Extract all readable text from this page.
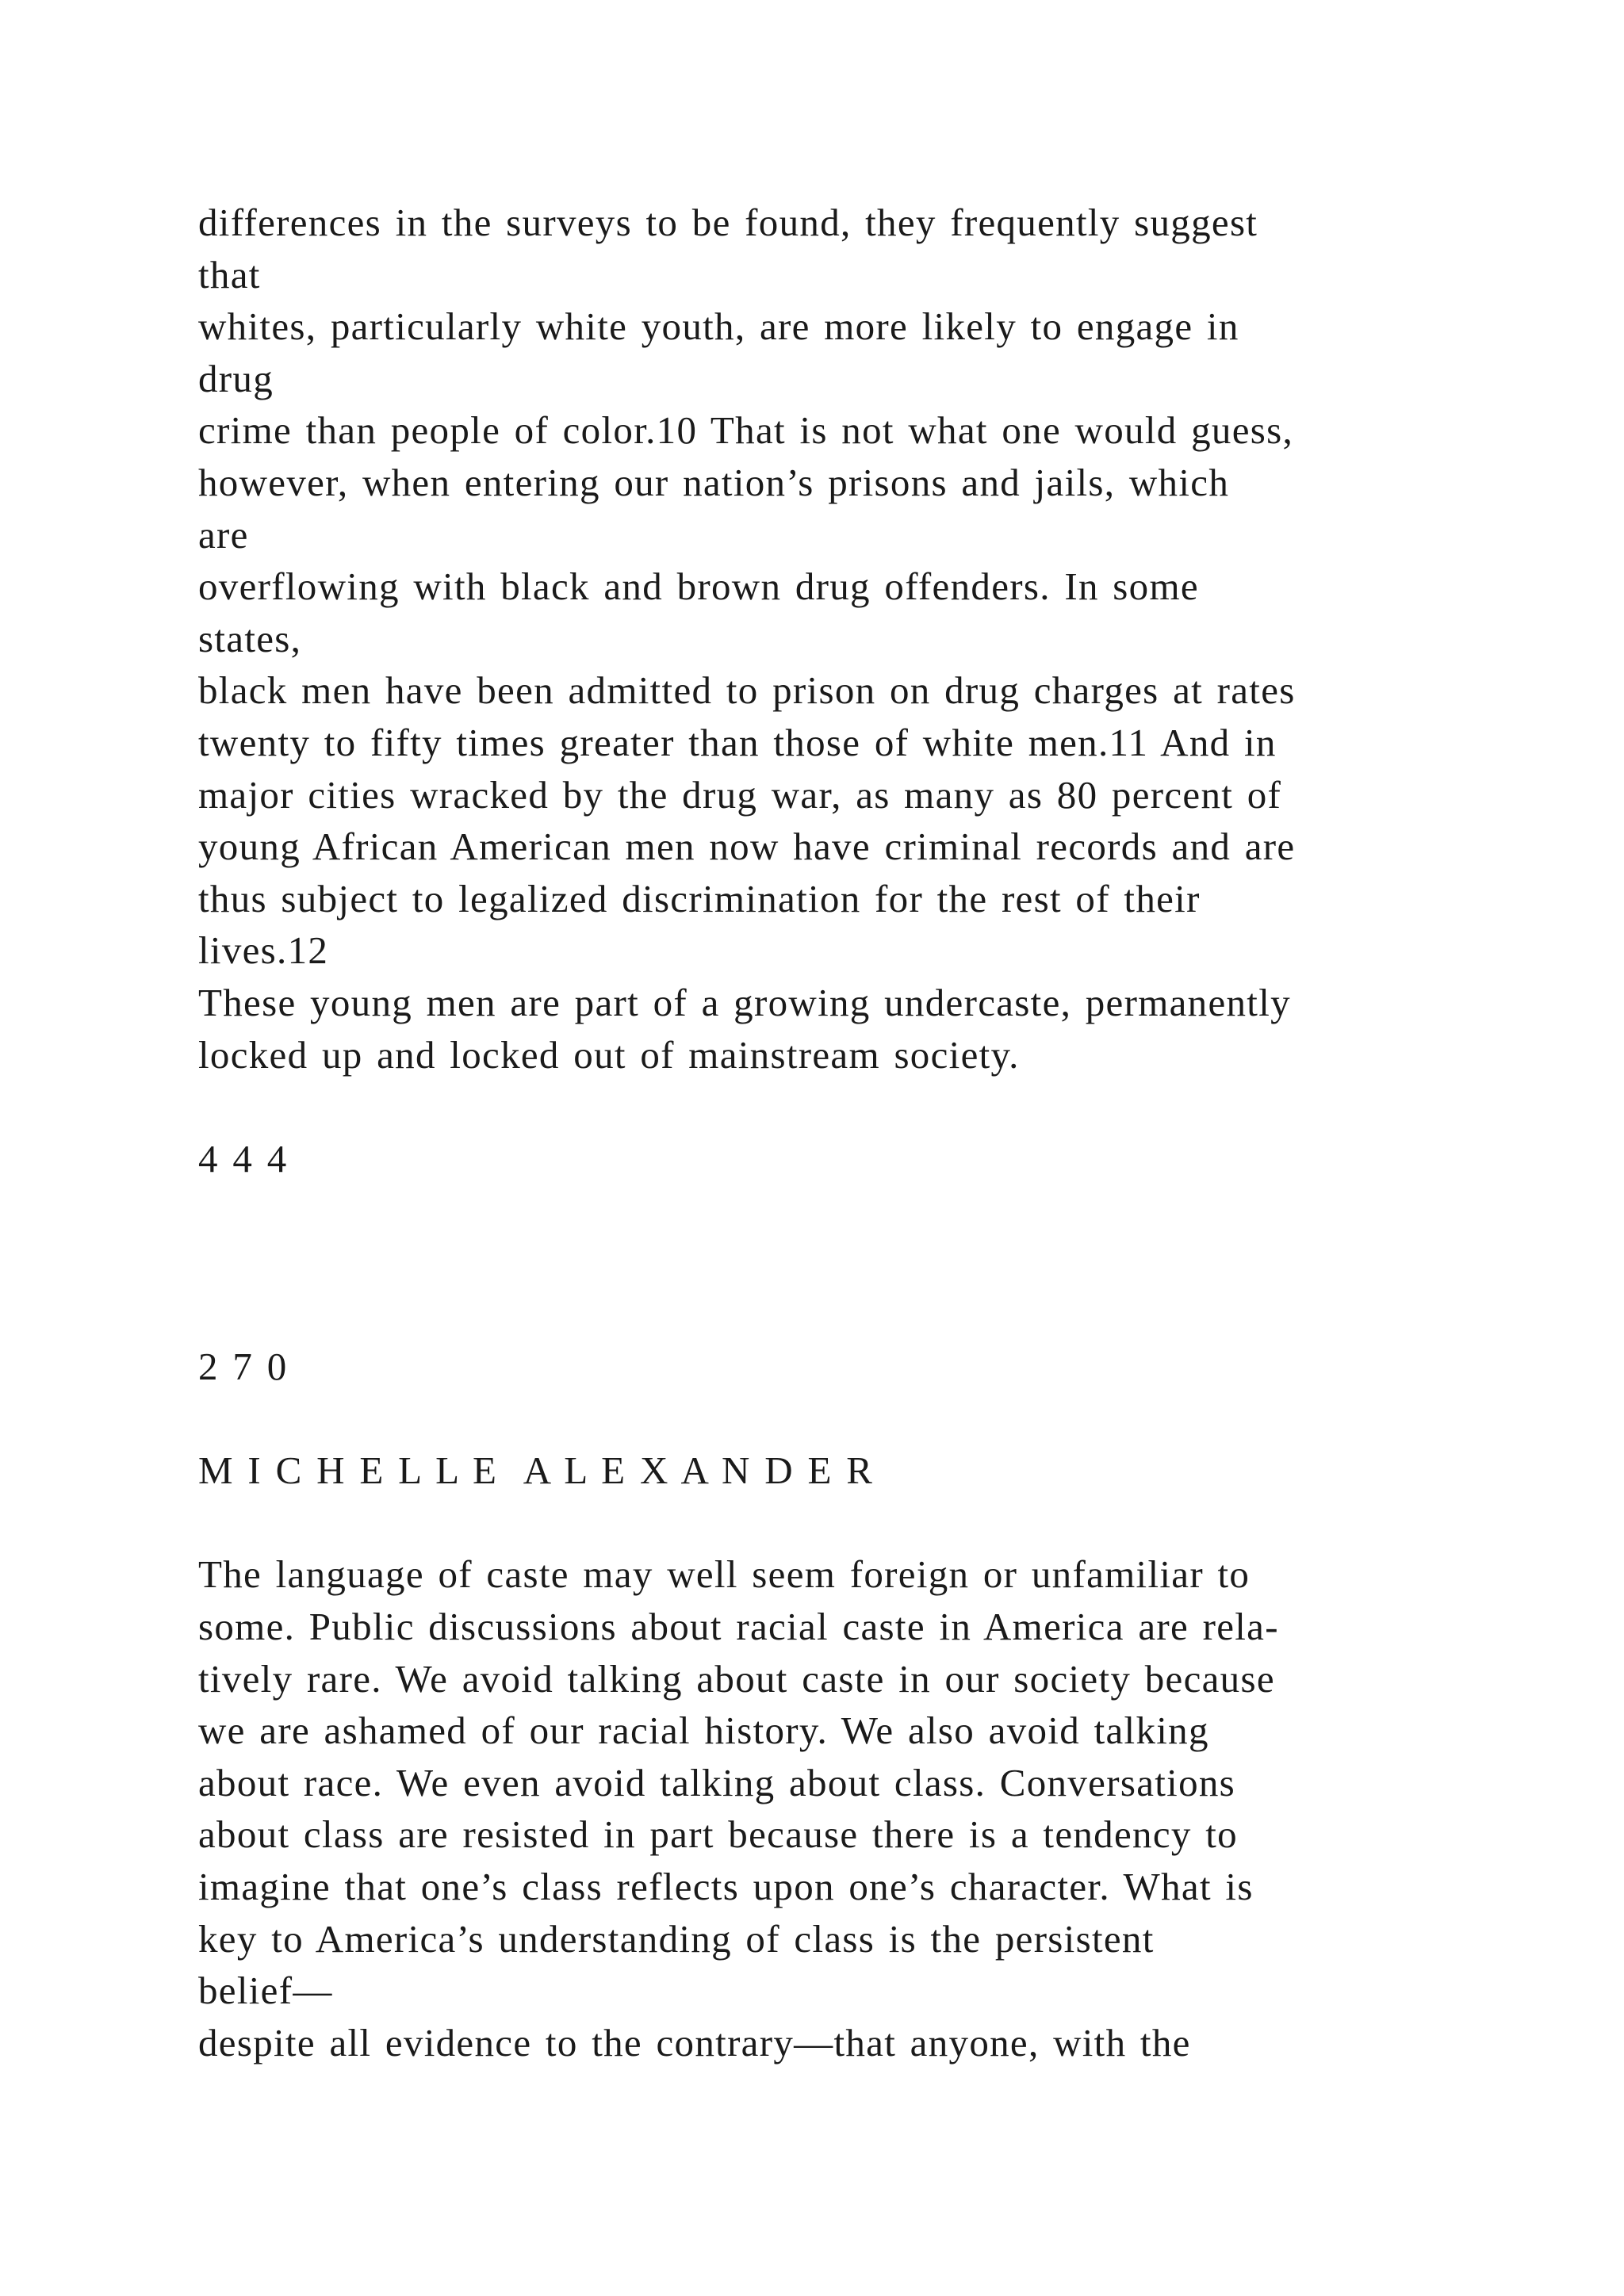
differences in the surveys to be found, they frequently suggest
that
whites, particularly white youth, are more likely to engage in
drug
crime than people of color.10 That is not what one would guess,
however, when entering our nation’s prisons and jails, which
are
overflowing with black and brown drug offenders. In some
states,
black men have been admitted to prison on drug charges at rates
twenty to fifty times greater than those of white men.11 And in
major cities wracked by the drug war, as many as 80 percent of
young African American men now have criminal records and are
thus subject to legalized discrimination for the rest of their
lives.12
These young men are part of a growing undercaste, permanently
locked up and locked out of mainstream society.
4 4 4
2 7 0
M I C H E L L E  A L E X A N D E R
The language of caste may well seem foreign or unfamiliar to
some. Public discussions about racial caste in America are rela-
tively rare. We avoid talking about caste in our society because
we are ashamed of our racial history. We also avoid talking
about race. We even avoid talking about class. Conversations
about class are resisted in part because there is a tendency to
imagine that one’s class reflects upon one’s character. What is
key to America’s understanding of class is the persistent
belief—
despite all evidence to the contrary—that anyone, with the
